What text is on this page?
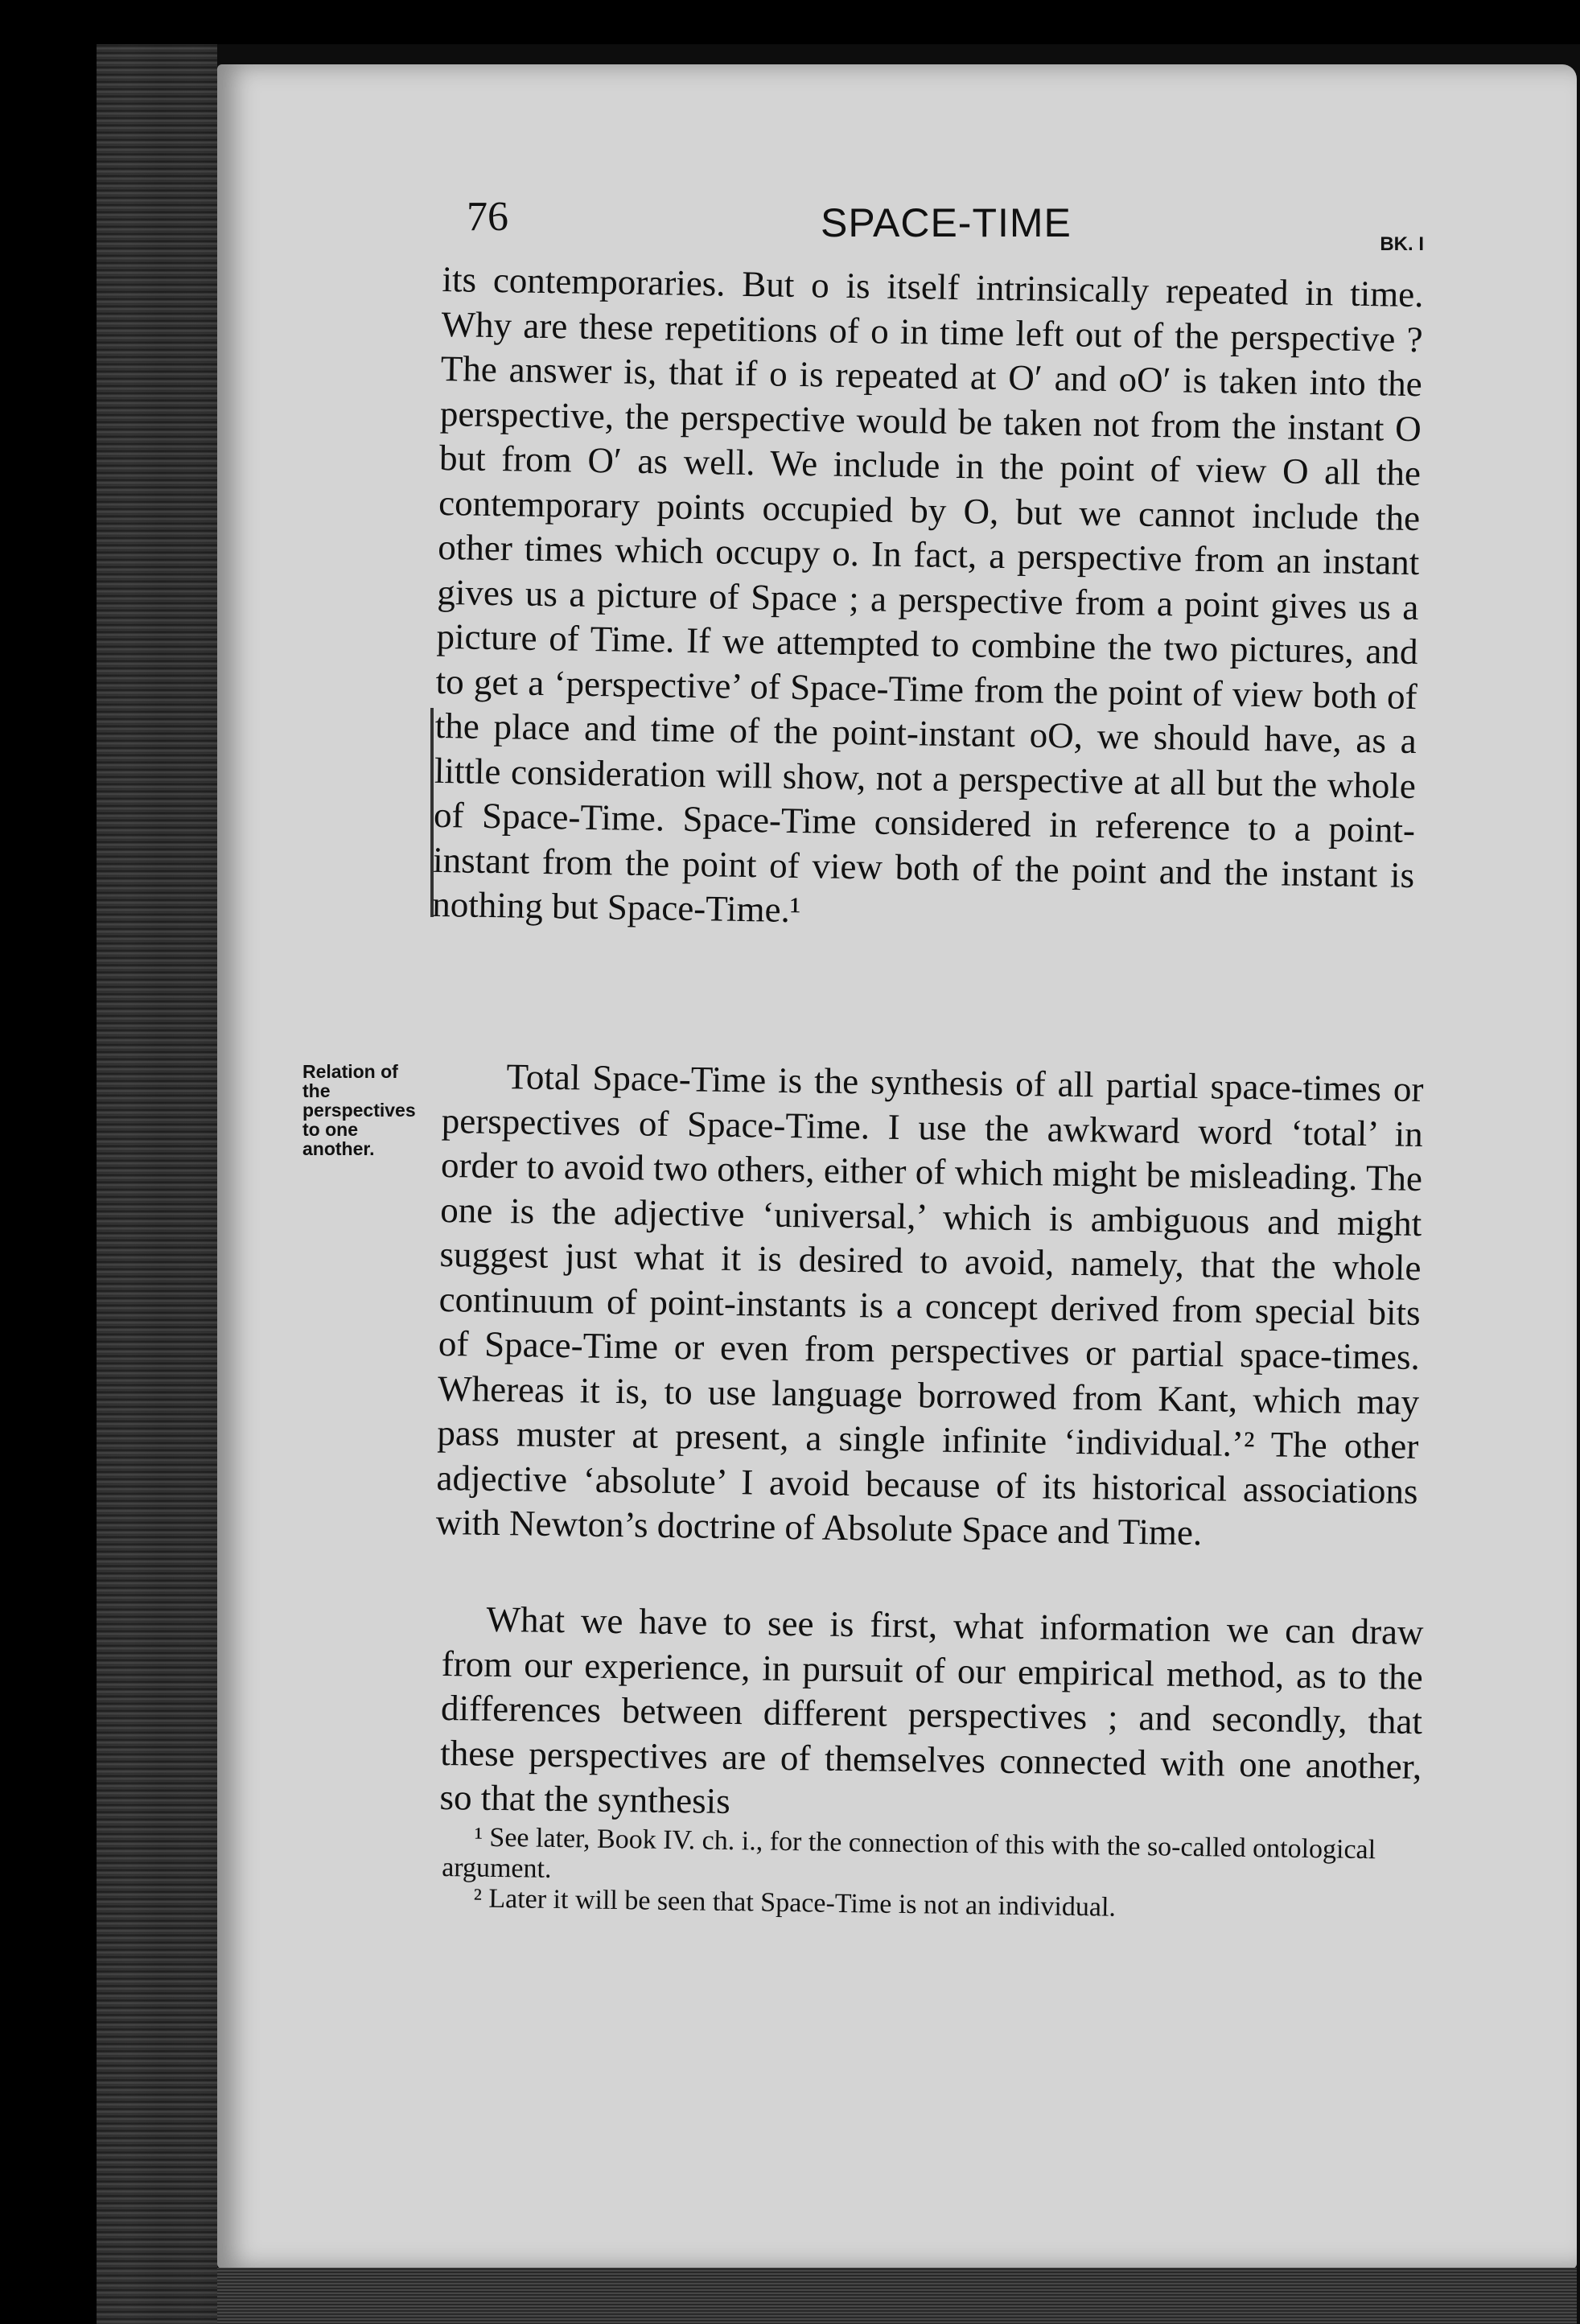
76	SPACE-TIME	BK. I
Relation of the perspectives to one another.
its contemporaries. But o is itself intrinsically repeated in time. Why are these repetitions of o in time left out of the perspective ? The answer is, that if o is repeated at O′ and oO′ is taken into the perspective, the perspective would be taken not from the instant O but from O′ as well. We include in the point of view O all the contemporary points occupied by O, but we cannot include the other times which occupy o. In fact, a perspective from an instant gives us a picture of Space ; a perspective from a point gives us a picture of Time. If we attempted to combine the two pictures, and to get a ‘perspective’ of Space-Time from the point of view both of the place and time of the point-instant oO, we should have, as a little consideration will show, not a perspective at all but the whole of Space-Time. Space-Time considered in reference to a point-instant from the point of view both of the point and the instant is nothing but Space-Time.¹
Total Space-Time is the synthesis of all partial space-times or perspectives of Space-Time. I use the awkward word ‘total’ in order to avoid two others, either of which might be misleading. The one is the adjective ‘universal,’ which is ambiguous and might suggest just what it is desired to avoid, namely, that the whole continuum of point-instants is a concept derived from special bits of Space-Time or even from perspectives or partial space-times. Whereas it is, to use language borrowed from Kant, which may pass muster at present, a single infinite ‘individual.’² The other adjective ‘absolute’ I avoid because of its historical associations with Newton’s doctrine of Absolute Space and Time.
What we have to see is first, what information we can draw from our experience, in pursuit of our empirical method, as to the differences between different perspectives ; and secondly, that these perspectives are of themselves connected with one another, so that the synthesis
¹ See later, Book IV. ch. i., for the connection of this with the so-called ontological argument.
² Later it will be seen that Space-Time is not an individual.
